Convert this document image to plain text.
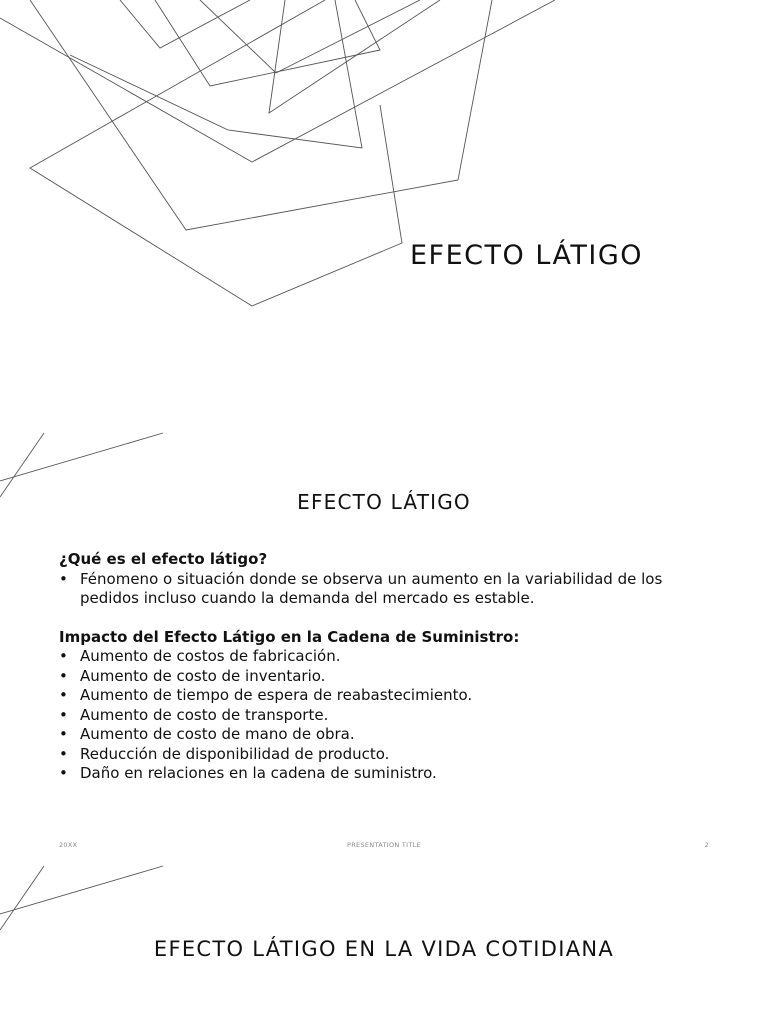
EFECTO LÁTIGO
EFECTO LÁTIGO

¿Qué es el efecto látigo?

• Fénomeno o situación donde se observa un aumento en la variabilidad de los pedidos incluso cuando la demanda del mercado es estable.

Impacto del Efecto Látigo en la Cadena de Suministro:

• Aumento de costos de fabricación.
• Aumento de costo de inventario.
• Aumento de tiempo de espera de reabastecimiento.
• Aumento de costo de transporte.
• Aumento de costo de mano de obra.
• Reducción de disponibilidad de producto.
• Daño en relaciones en la cadena de suministro.
20XX	PRESENTATION TITLE	2
EFECTO LÁTIGO EN LA VIDA COTIDIANA
